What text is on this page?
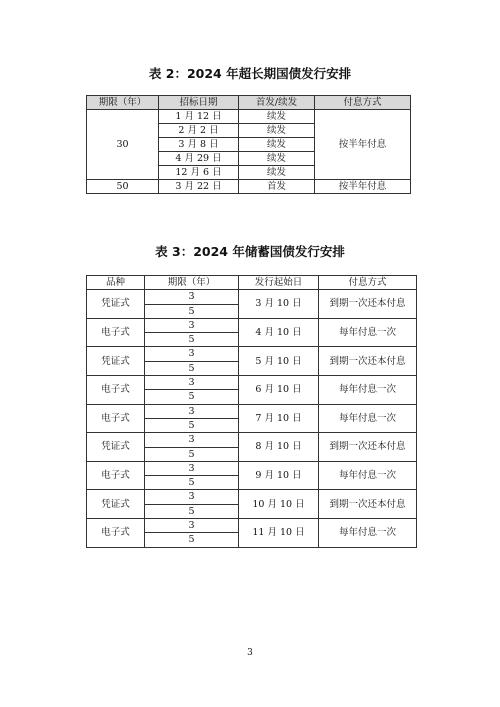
表 2：2024 年超长期国债发行安排
期限（年）	招标日期	首发/续发	付息方式
30	1 月 12 日	续发	按半年付息
	2 月 2 日	续发	
	3 月 8 日	续发	
	4 月 29 日	续发	
	12 月 6 日	续发	
50	3 月 22 日	首发	按半年付息
表 3：2024 年储蓄国债发行安排
品种	期限（年）	发行起始日	付息方式
凭证式	3	3 月 10 日	到期一次还本付息
	5		
电子式	3	4 月 10 日	每年付息一次
	5		
凭证式	3	5 月 10 日	到期一次还本付息
	5		
电子式	3	6 月 10 日	每年付息一次
	5		
电子式	3	7 月 10 日	每年付息一次
	5		
凭证式	3	8 月 10 日	到期一次还本付息
	5		
电子式	3	9 月 10 日	每年付息一次
	5		
凭证式	3	10 月 10 日	到期一次还本付息
	5		
电子式	3	11 月 10 日	每年付息一次
	5		
3
